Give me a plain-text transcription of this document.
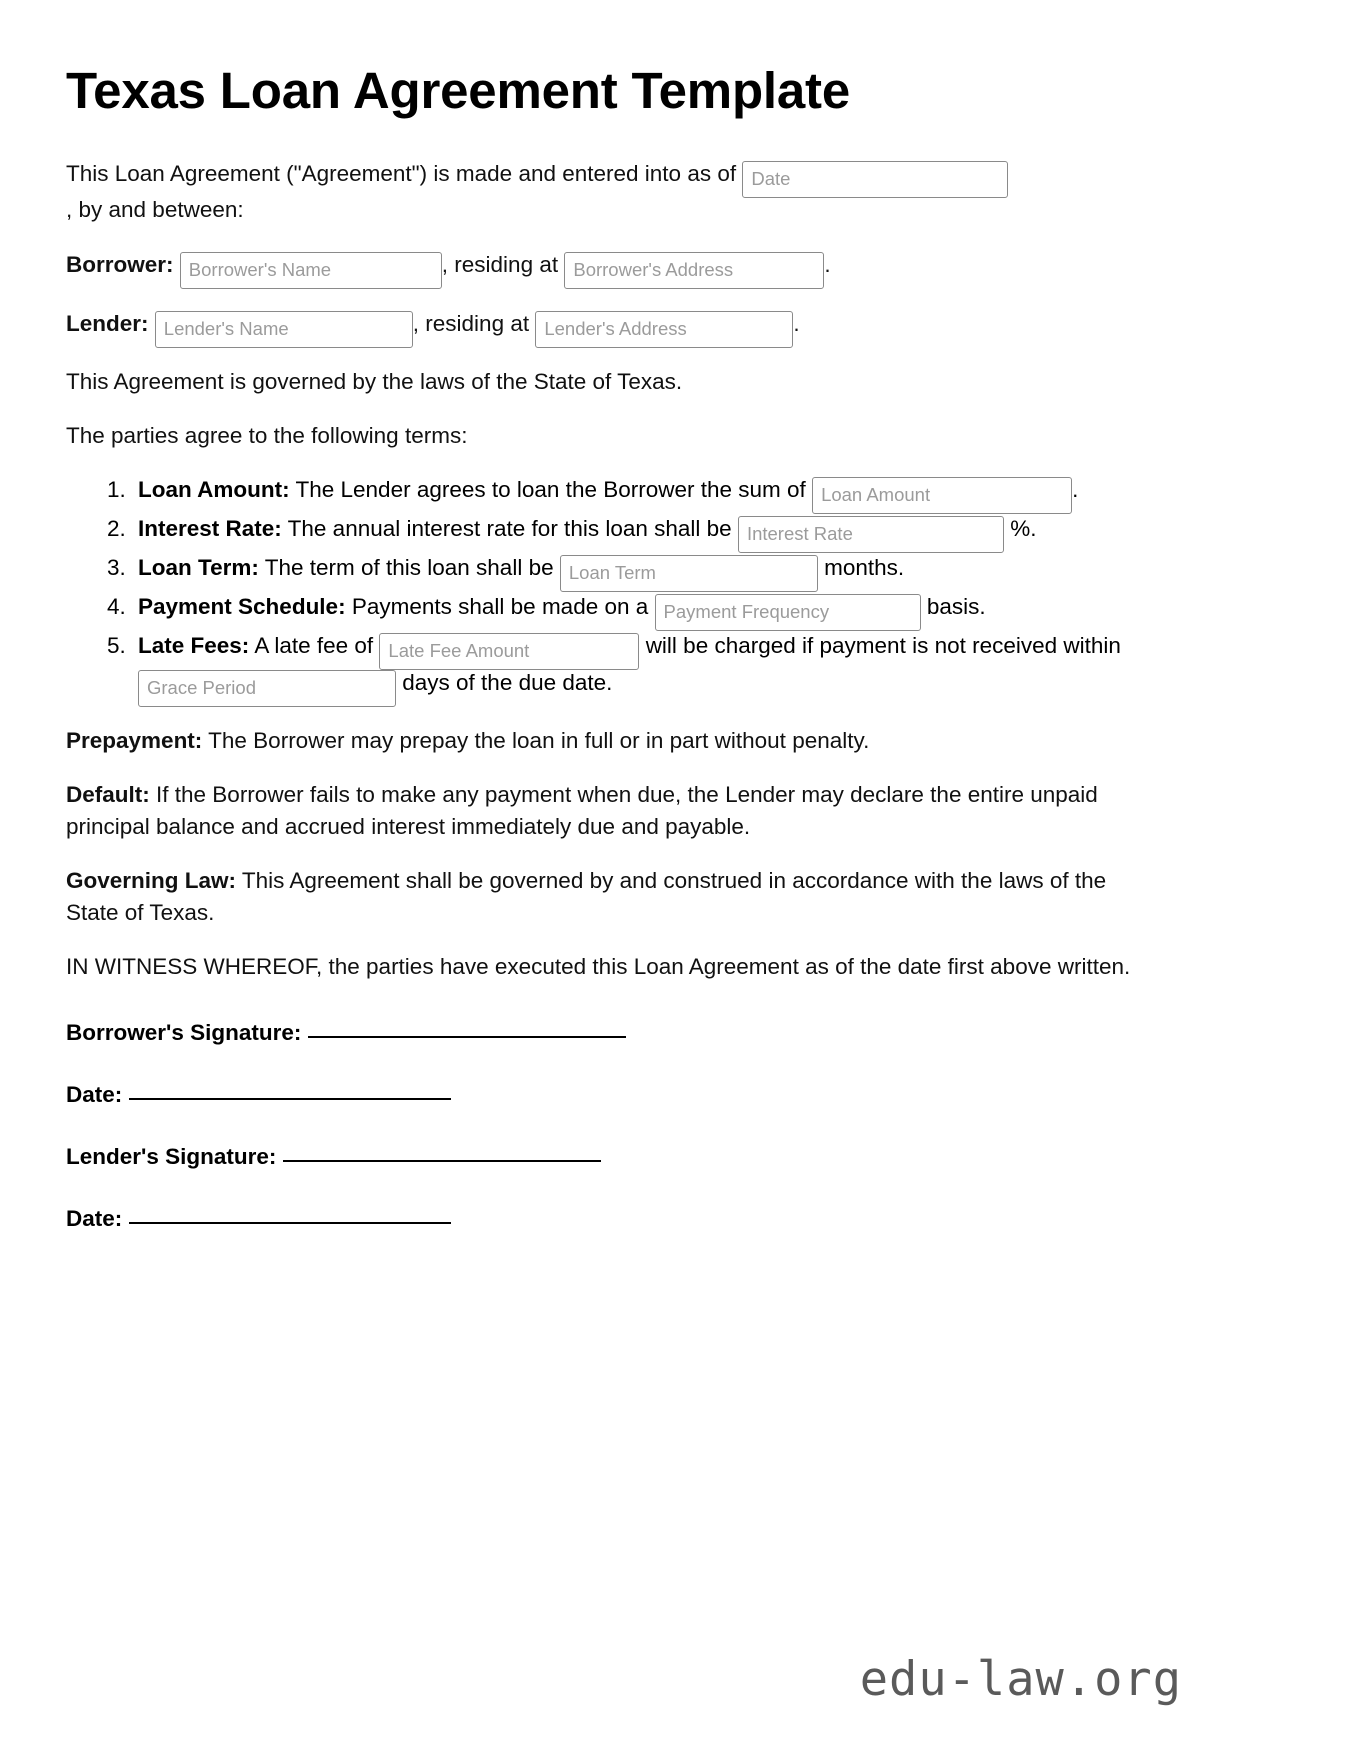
Texas Loan Agreement Template

This Loan Agreement ("Agreement") is made and entered into as of Date
, by and between:

Borrower: Borrower's Name	, residing at Borrower's Address	.

Lender: Lender's Name	, residing at Lender's Address	.

This Agreement is governed by the laws of the State of Texas.

The parties agree to the following terms:

1. Loan Amount: The Lender agrees to loan the Borrower the sum of Loan Amount	.
2. Interest Rate: The annual interest rate for this loan shall be Interest Rate	%.
3. Loan Term: The term of this loan shall be Loan Term	months.
4. Payment Schedule: Payments shall be made on a Payment Frequency	basis.
5. Late Fees: A late fee of Late Fee Amount	will be charged if payment is not received within Grace Period days of the due date.

Prepayment: The Borrower may prepay the loan in full or in part without penalty.

Default: If the Borrower fails to make any payment when due, the Lender may declare the entire unpaid principal balance and accrued interest immediately due and payable.

Governing Law: This Agreement shall be governed by and construed in accordance with the laws of the State of Texas.

IN WITNESS WHEREOF, the parties have executed this Loan Agreement as of the date first above written.

Borrower's Signature:
Date:
Lender's Signature:
Date:
edu-law.org
